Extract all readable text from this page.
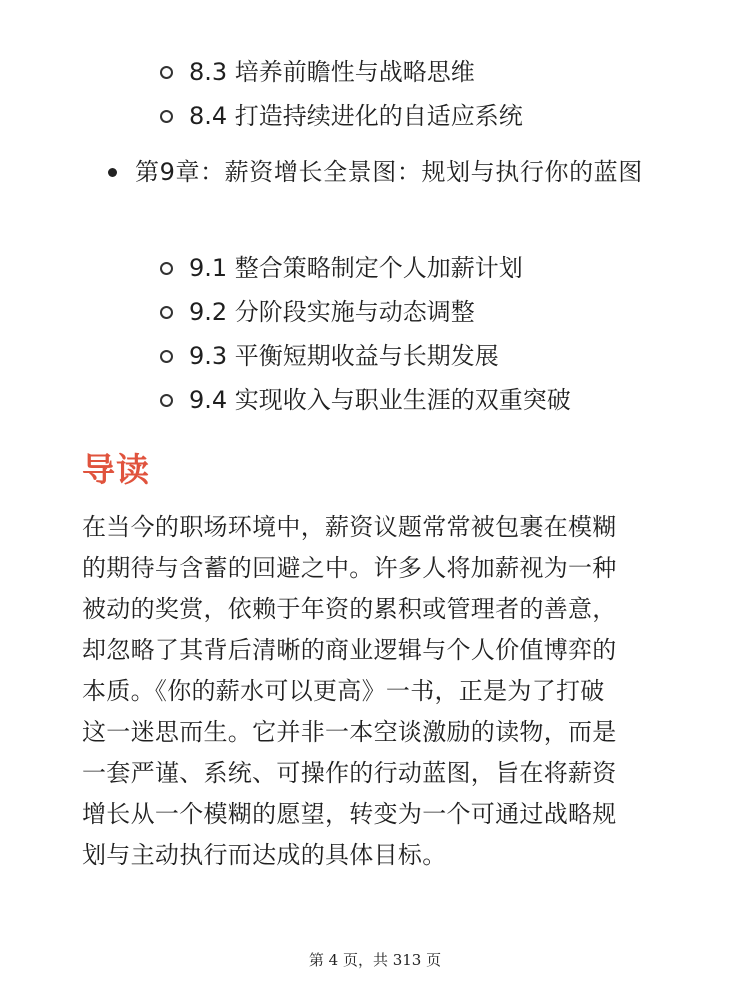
8.3 培养前瞻性与战略思维
8.4 打造持续进化的自适应系统
第9章：薪资增长全景图：规划与执行你的蓝图
9.1 整合策略制定个人加薪计划
9.2 分阶段实施与动态调整
9.3 平衡短期收益与长期发展
9.4 实现收入与职业生涯的双重突破
导读

在当今的职场环境中，薪资议题常常被包裹在模糊
的期待与含蓄的回避之中。许多人将加薪视为一种
被动的奖赏，依赖于年资的累积或管理者的善意，
却忽略了其背后清晰的商业逻辑与个人价值博弈的
本质。《你的薪水可以更高》一书，正是为了打破
这一迷思而生。它并非一本空谈激励的读物，而是
一套严谨、系统、可操作的行动蓝图，旨在将薪资
增长从一个模糊的愿望，转变为一个可通过战略规
划与主动执行而达成的具体目标。

第 4 页，共 313 页
